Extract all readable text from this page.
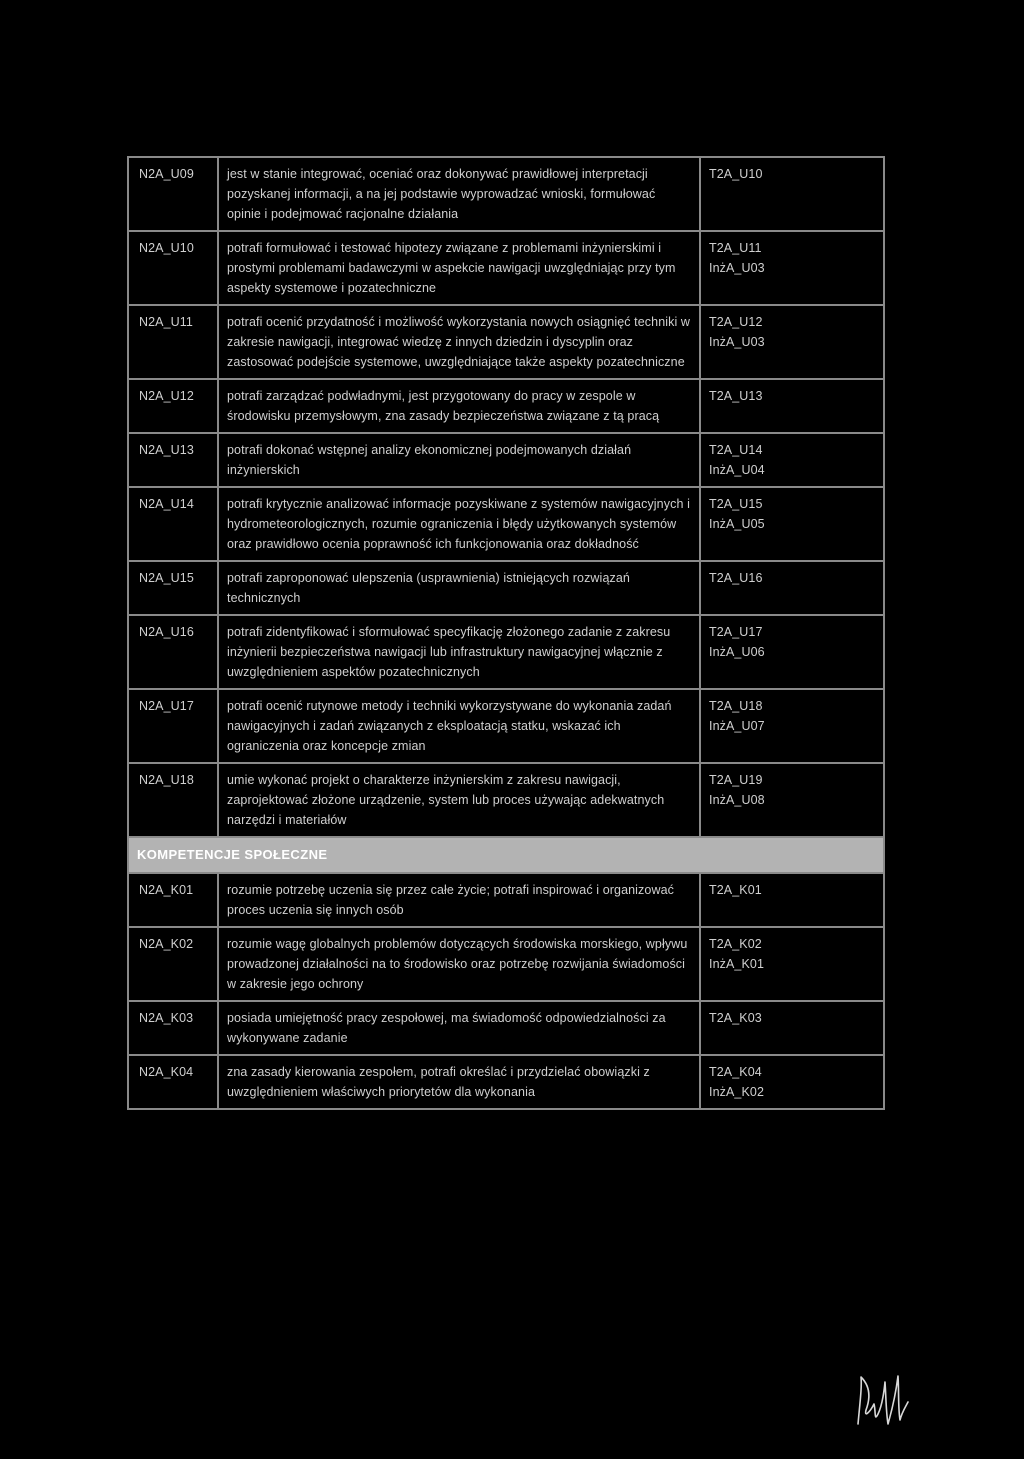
N2A_U09	jest w stanie integrować, oceniać oraz dokonywać prawidłowej interpretacji pozyskanej informacji, a na jej podstawie wyprowadzać wnioski, formułować opinie i podejmować racjonalne działania	T2A_U10

N2A_U10	potrafi formułować i testować hipotezy związane z problemami inżynierskimi i prostymi problemami badawczymi w aspekcie nawigacji uwzględniając przy tym aspekty systemowe i pozatechniczne	T2A_U11
InżA_U03

N2A_U11	potrafi ocenić przydatność i możliwość wykorzystania nowych osiągnięć techniki w zakresie nawigacji, integrować wiedzę z innych dziedzin i dyscyplin oraz zastosować podejście systemowe, uwzględniające także aspekty pozatechniczne	T2A_U12
InżA_U03

N2A_U12	potrafi zarządzać podwładnymi, jest przygotowany do pracy w zespole w środowisku przemysłowym, zna zasady bezpieczeństwa związane z tą pracą	T2A_U13

N2A_U13	potrafi dokonać wstępnej analizy ekonomicznej podejmowanych działań inżynierskich	T2A_U14
InżA_U04

N2A_U14	potrafi krytycznie analizować informacje pozyskiwane z systemów nawigacyjnych i hydrometeorologicznych, rozumie ograniczenia i błędy użytkowanych systemów oraz prawidłowo ocenia poprawność ich funkcjonowania oraz dokładność	T2A_U15
InżA_U05

N2A_U15	potrafi zaproponować ulepszenia (usprawnienia) istniejących rozwiązań technicznych	T2A_U16

N2A_U16	potrafi zidentyfikować i sformułować specyfikację złożonego zadanie z zakresu inżynierii bezpieczeństwa nawigacji lub infrastruktury nawigacyjnej włącznie z uwzględnieniem aspektów pozatechnicznych	T2A_U17
InżA_U06

N2A_U17	potrafi ocenić rutynowe metody i techniki wykorzystywane do wykonania zadań nawigacyjnych i zadań związanych z eksploatacją statku, wskazać ich ograniczenia oraz koncepcje zmian	T2A_U18
InżA_U07

N2A_U18	umie wykonać projekt o charakterze inżynierskim z zakresu nawigacji, zaprojektować złożone urządzenie, system lub proces używając adekwatnych narzędzi i materiałów	T2A_U19
InżA_U08

KOMPETENCJE SPOŁECZNE		
N2A_K01	rozumie potrzebę uczenia się przez całe życie; potrafi inspirować i organizować proces uczenia się innych osób	T2A_K01

N2A_K02	rozumie wagę globalnych problemów dotyczących środowiska morskiego, wpływu prowadzonej działalności na to środowisko oraz potrzebę rozwijania świadomości w zakresie jego ochrony	T2A_K02
InżA_K01

N2A_K03	posiada umiejętność pracy zespołowej, ma świadomość odpowiedzialności za wykonywane zadanie	T2A_K03

N2A_K04	zna zasady kierowania zespołem, potrafi określać i przydzielać obowiązki z uwzględnieniem właściwych priorytetów dla wykonania	T2A_K04
InżA_K02
